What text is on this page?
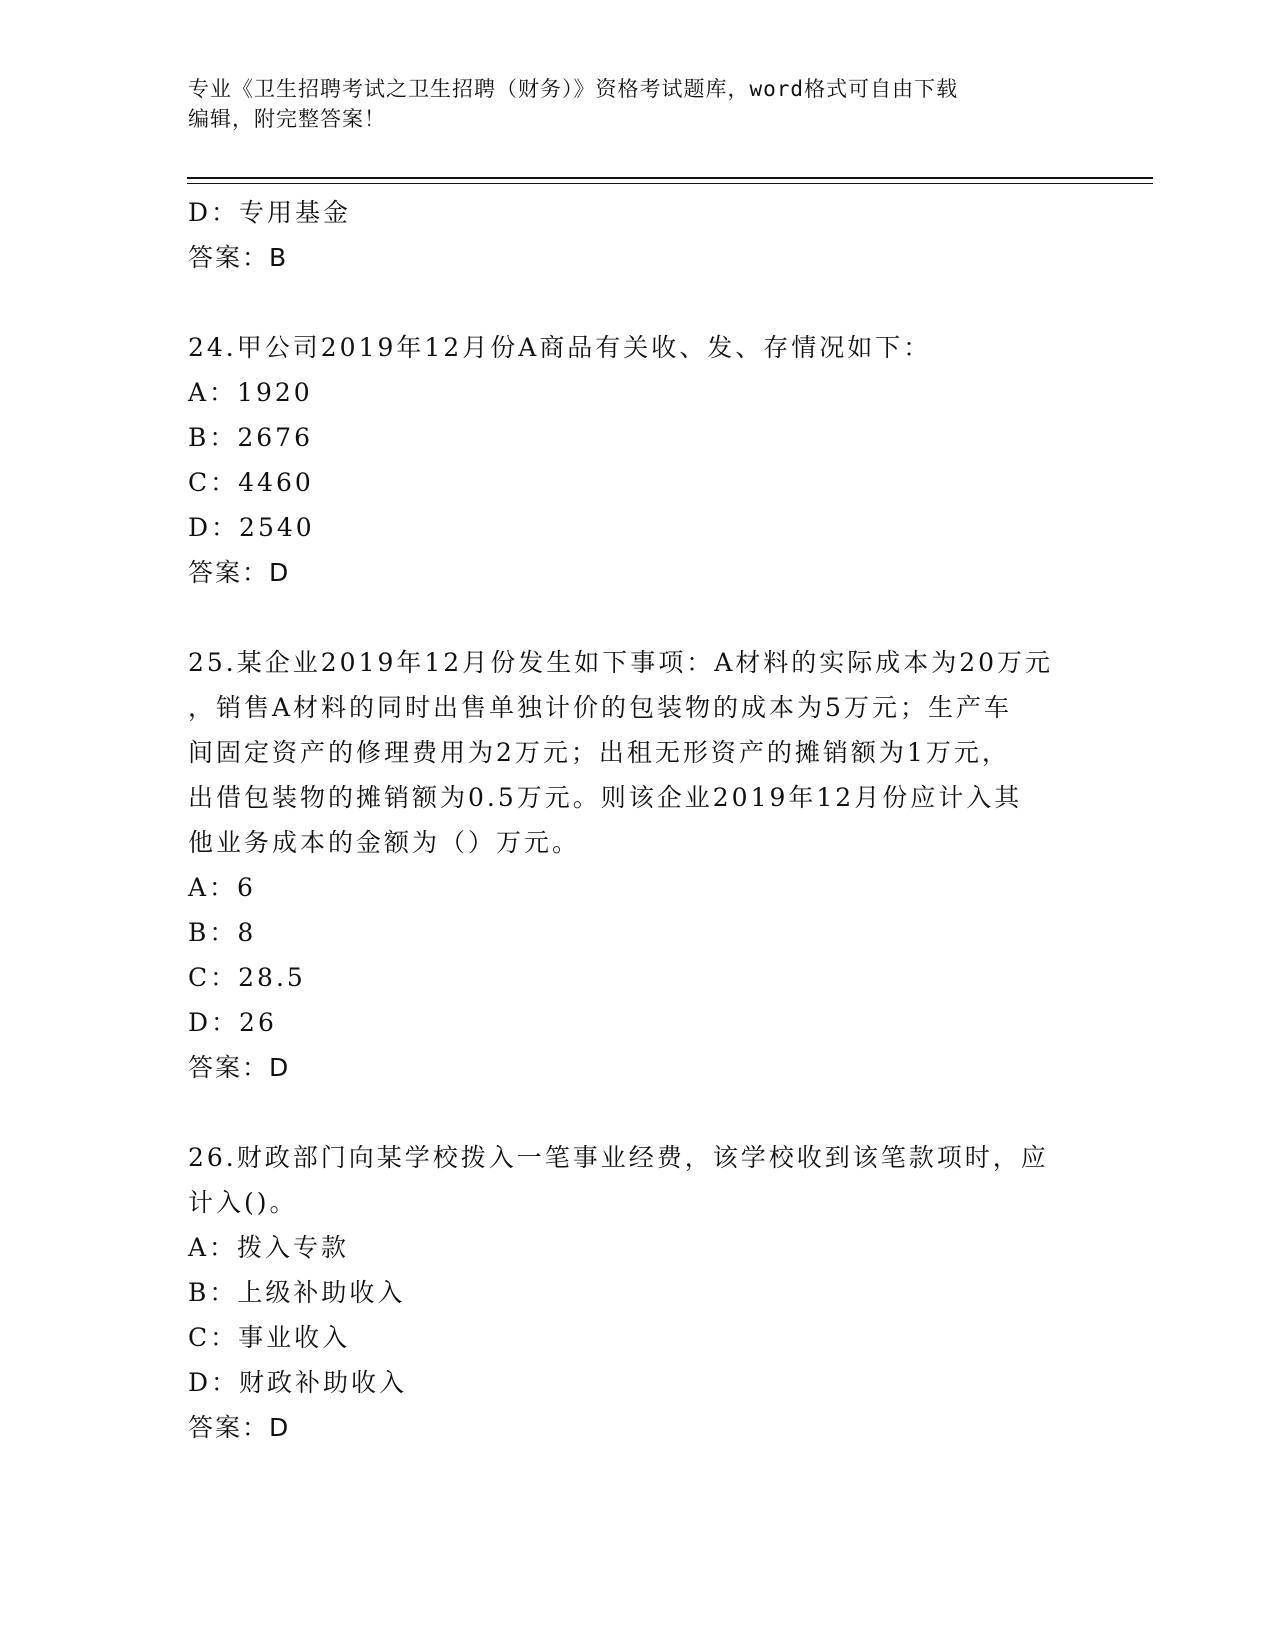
专业《卫生招聘考试之卫生招聘（财务）》资格考试题库，word格式可自由下载
编辑，附完整答案！
D：专用基金
答案：B
24.甲公司2019年12月份A商品有关收、发、存情况如下：
A：1920
B：2676
C：4460
D：2540
答案：D
25.某企业2019年12月份发生如下事项：A材料的实际成本为20万元
，销售A材料的同时出售单独计价的包装物的成本为5万元；生产车
间固定资产的修理费用为2万元；出租无形资产的摊销额为1万元，
出借包装物的摊销额为0.5万元。则该企业2019年12月份应计入其
他业务成本的金额为（）万元。
A：6
B：8
C：28.5
D：26
答案：D
26.财政部门向某学校拨入一笔事业经费，该学校收到该笔款项时，应
计入()。
A：拨入专款
B：上级补助收入
C：事业收入
D：财政补助收入
答案：D
